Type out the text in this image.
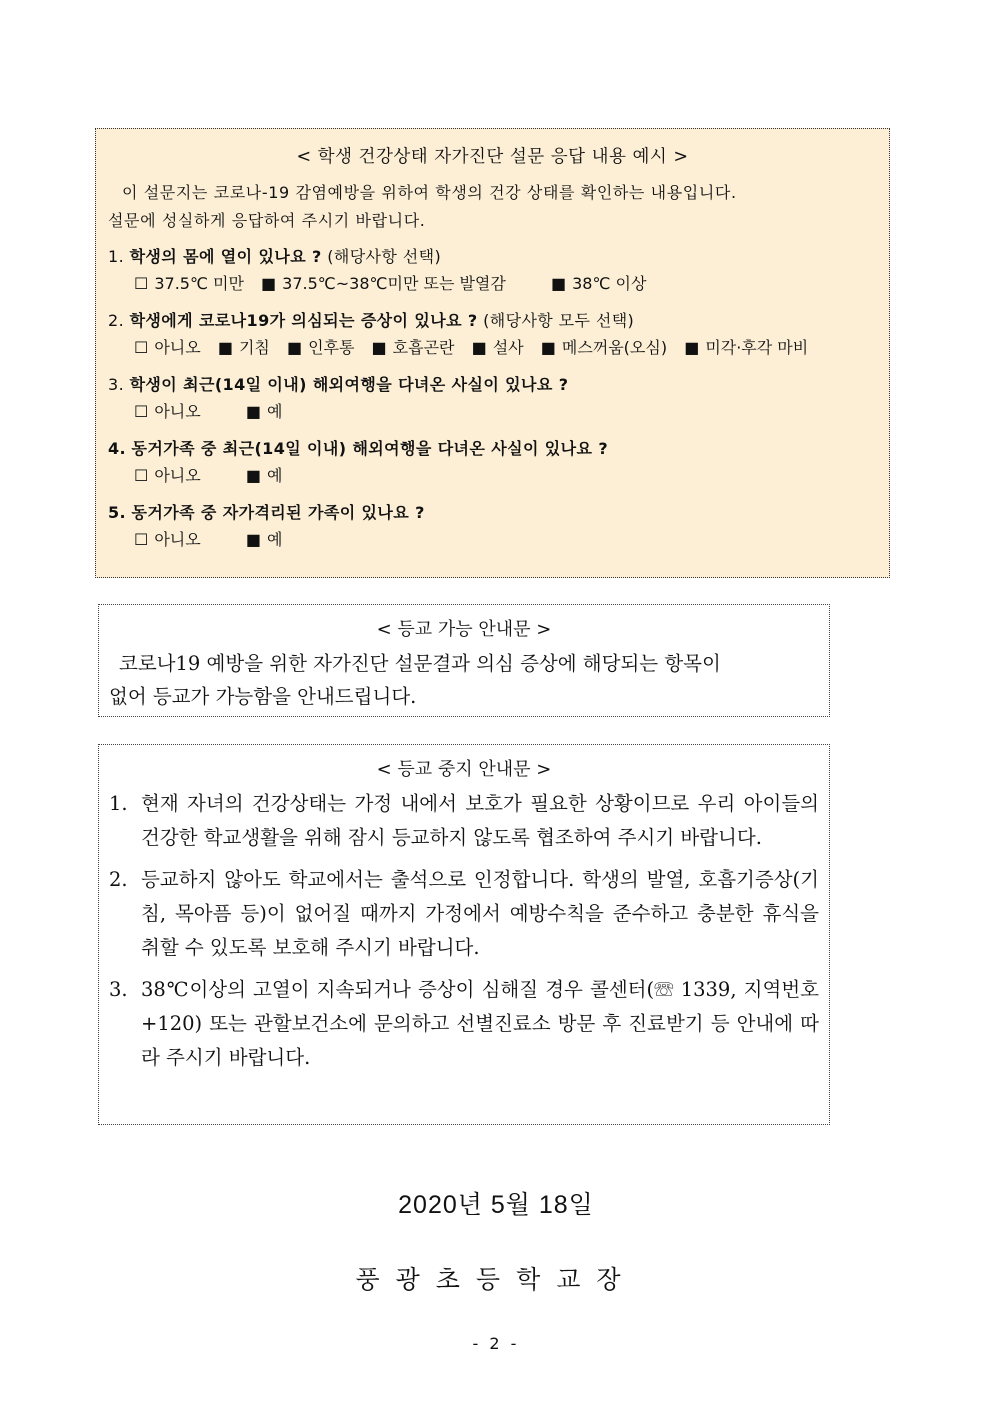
< 학생 건강상태 자가진단 설문 응답 내용 예시 >
이 설문지는 코로나-19 감염예방을 위하여 학생의 건강 상태를 확인하는 내용입니다.
설문에 성실하게 응답하여 주시기 바랍니다.
1. 학생의 몸에 열이 있나요 ? (해당사항 선택)
☐ 37.5℃ 미만 ■ 37.5℃~38℃미만 또는 발열감	■ 38℃ 이상
2. 학생에게 코로나19가 의심되는 증상이 있나요 ? (해당사항 모두 선택)
☐ 아니오 ■ 기침 ■ 인후통 ■ 호흡곤란 ■ 설사 ■ 메스꺼움(오심) ■ 미각·후각 마비
3. 학생이 최근(14일 이내) 해외여행을 다녀온 사실이 있나요 ?
☐ 아니오	■ 예
4. 동거가족 중 최근(14일 이내) 해외여행을 다녀온 사실이 있나요 ?
☐ 아니오	■ 예
5. 동거가족 중 자가격리된 가족이 있나요 ?
☐ 아니오	■ 예
< 등교 가능 안내문 >
코로나19 예방을 위한 자가진단 설문결과 의심 증상에 해당되는 항목이
없어 등교가 가능함을 안내드립니다.
< 등교 중지 안내문 >
1. 현재 자녀의 건강상태는 가정 내에서 보호가 필요한 상황이므로 우리 아이들의 건강한 학교생활을 위해 잠시 등교하지 않도록 협조하여 주시기 바랍니다.
2. 등교하지 않아도 학교에서는 출석으로 인정합니다. 학생의 발열, 호흡기증상(기침, 목아픔 등)이 없어질 때까지 가정에서 예방수칙을 준수하고 충분한 휴식을 취할 수 있도록 보호해 주시기 바랍니다.
3. 38℃이상의 고열이 지속되거나 증상이 심해질 경우 콜센터(☏ 1339, 지역번호+120) 또는 관할보건소에 문의하고 선별진료소 방문 후 진료받기 등 안내에 따라 주시기 바랍니다.
2020년 5월 18일
풍광초등학교장
- 2 -
